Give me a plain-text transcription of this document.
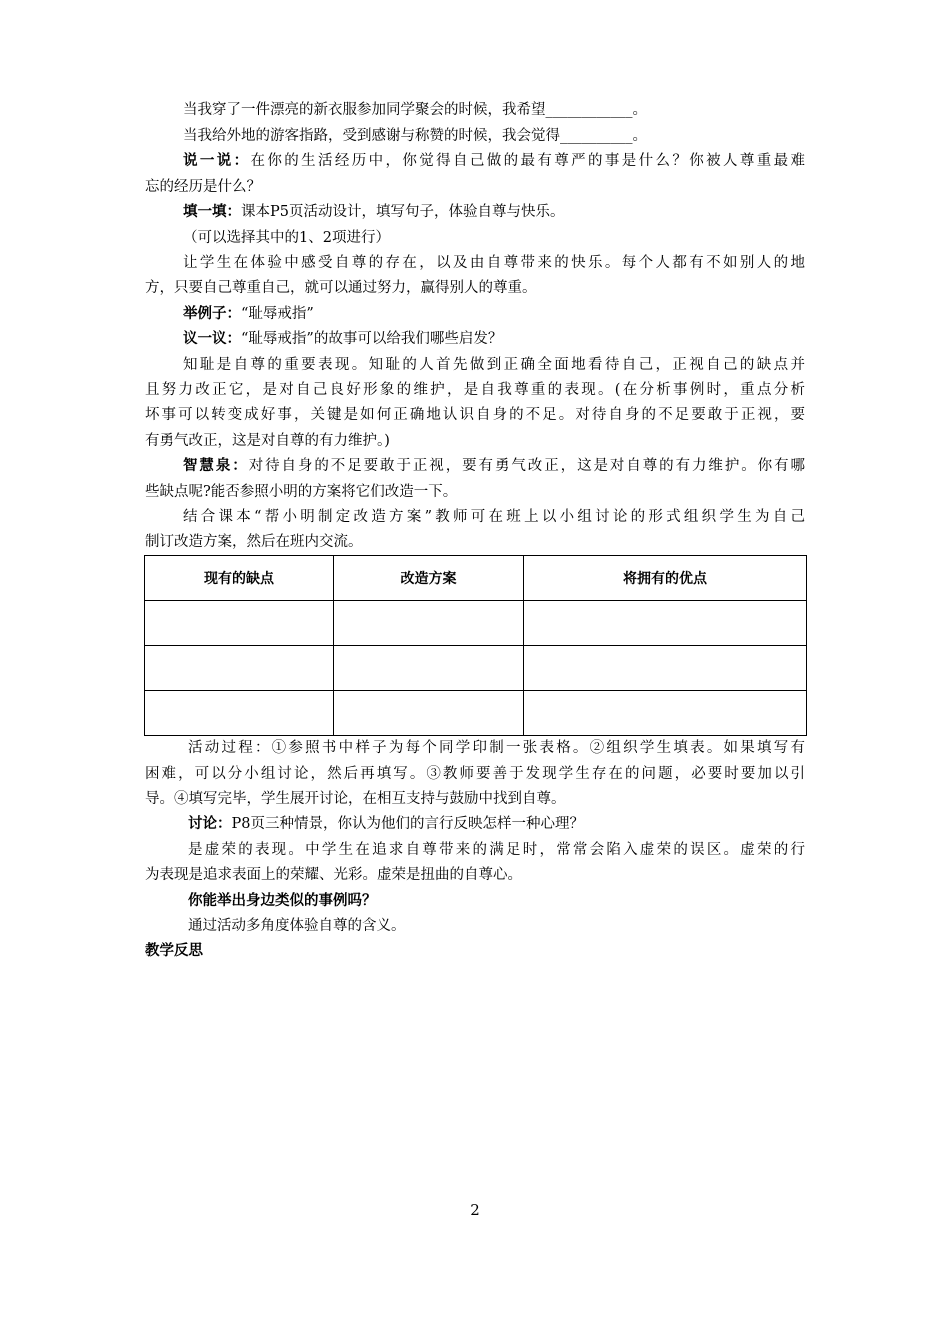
当我穿了一件漂亮的新衣服参加同学聚会的时候，我希望____________。
当我给外地的游客指路，受到感谢与称赞的时候，我会觉得__________。
说一说：在你的生活经历中，你觉得自己做的最有尊严的事是什么？你被人尊重最难
忘的经历是什么？
填一填：课本P5页活动设计，填写句子，体验自尊与快乐。
（可以选择其中的1、2项进行）
让学生在体验中感受自尊的存在，以及由自尊带来的快乐。每个人都有不如别人的地
方，只要自己尊重自己，就可以通过努力，赢得别人的尊重。
举例子：“耻辱戒指”
议一议：“耻辱戒指”的故事可以给我们哪些启发？
知耻是自尊的重要表现。知耻的人首先做到正确全面地看待自己，正视自己的缺点并
且努力改正它，是对自己良好形象的维护，是自我尊重的表现。(在分析事例时，重点分析
坏事可以转变成好事，关键是如何正确地认识自身的不足。对待自身的不足要敢于正视，要
有勇气改正，这是对自尊的有力维护。)
智慧泉：对待自身的不足要敢于正视，要有勇气改正，这是对自尊的有力维护。你有哪
些缺点呢?能否参照小明的方案将它们改造一下。
结合课本“帮小明制定改造方案”教师可在班上以小组讨论的形式组织学生为自己
制订改造方案，然后在班内交流。
现有的缺点	改造方案	将拥有的优点

活动过程：①参照书中样子为每个同学印制一张表格。②组织学生填表。如果填写有
困难，可以分小组讨论，然后再填写。③教师要善于发现学生存在的问题，必要时要加以引
导。④填写完毕，学生展开讨论，在相互支持与鼓励中找到自尊。
讨论：P8页三种情景，你认为他们的言行反映怎样一种心理？
是虚荣的表现。中学生在追求自尊带来的满足时，常常会陷入虚荣的误区。虚荣的行
为表现是追求表面上的荣耀、光彩。虚荣是扭曲的自尊心。
你能举出身边类似的事例吗？
通过活动多角度体验自尊的含义。
教学反思
2
